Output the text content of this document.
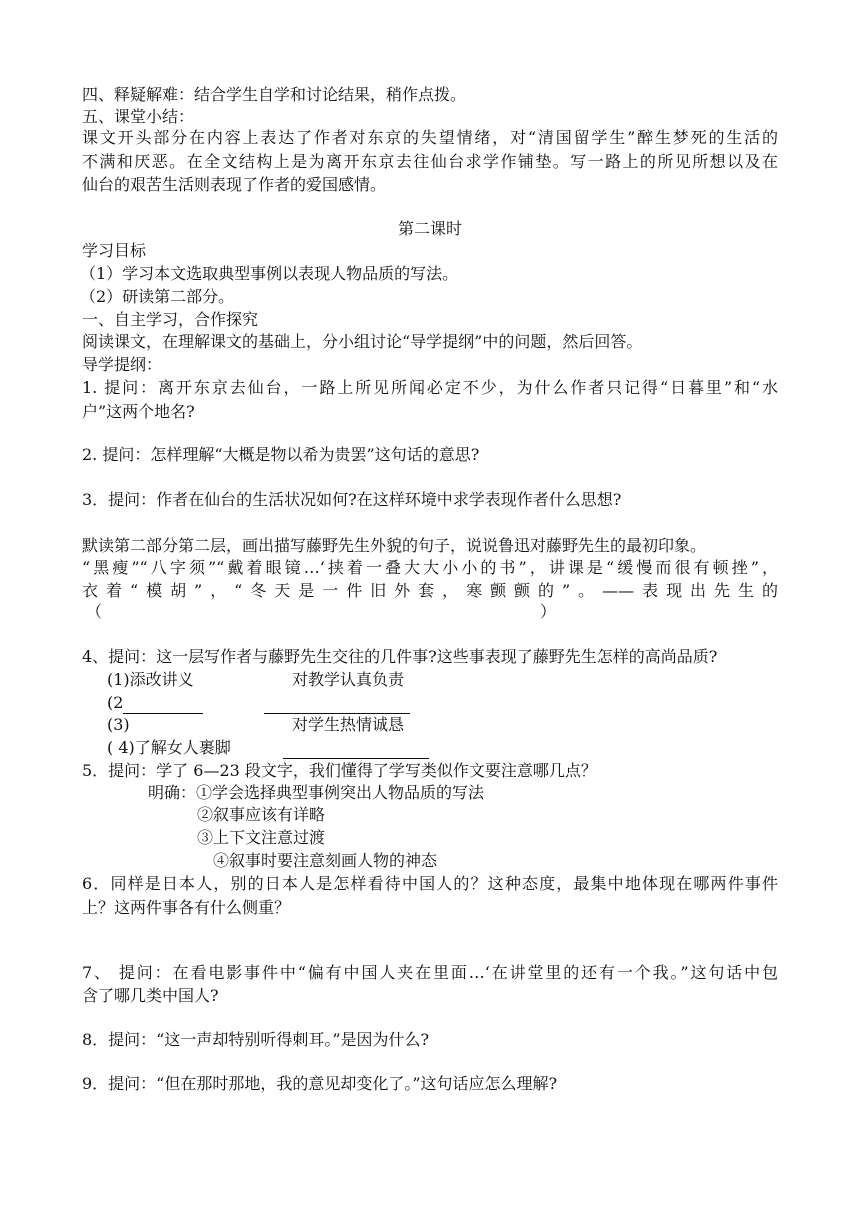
四、释疑解难：结合学生自学和讨论结果，稍作点拨。
五、课堂小结：
课文开头部分在内容上表达了作者对东京的失望情绪，对“清国留学生”醉生梦死的生活的
不满和厌恶。在全文结构上是为离开东京去往仙台求学作铺垫。写一路上的所见所想以及在
仙台的艰苦生活则表现了作者的爱国感情。
第二课时
学习目标
（1）学习本文选取典型事例以表现人物品质的写法。
（2）研读第二部分。
一、自主学习，合作探究
阅读课文，在理解课文的基础上，分小组讨论“导学提纲”中的问题，然后回答。
导学提纲：
1. 提问：离开东京去仙台，一路上所见所闻必定不少，为什么作者只记得“日暮里”和“水
户”这两个地名?
2. 提问：怎样理解“大概是物以希为贵罢”这句话的意思?
3．提问：作者在仙台的生活状况如何?在这样环境中求学表现作者什么思想?
默读第二部分第二层，画出描写藤野先生外貌的句子，说说鲁迅对藤野先生的最初印象。
“黑瘦”“八字须”“戴着眼镜…‘挟着一叠大大小小的书”，讲课是“缓慢而很有顿挫”，
衣着“模胡”，“冬天是一件旧外套，寒颤颤的”。——表现出先生的
（	）
4、提问：这一层写作者与藤野先生交往的几件事?这些事表现了藤野先生怎样的高尚品质?
(1)添改讲义	对教学认真负责
(2
(3)	对学生热情诚恳
( 4)了解女人裹脚
5．提问：学了 6—23 段文字，我们懂得了学写类似作文要注意哪几点？
明确：①学会选择典型事例突出人物品质的写法
②叙事应该有详略
③上下文注意过渡
④叙事时要注意刻画人物的神态
6．同样是日本人，别的日本人是怎样看待中国人的？这种态度，最集中地体现在哪两件事件
上？这两件事各有什么侧重？
7、 提问：在看电影事件中“偏有中国人夹在里面…‘在讲堂里的还有一个我。”这句话中包
含了哪几类中国人?
8．提问：“这一声却特别听得刺耳。”是因为什么?
9．提问：“但在那时那地，我的意见却变化了。”这句话应怎么理解?
